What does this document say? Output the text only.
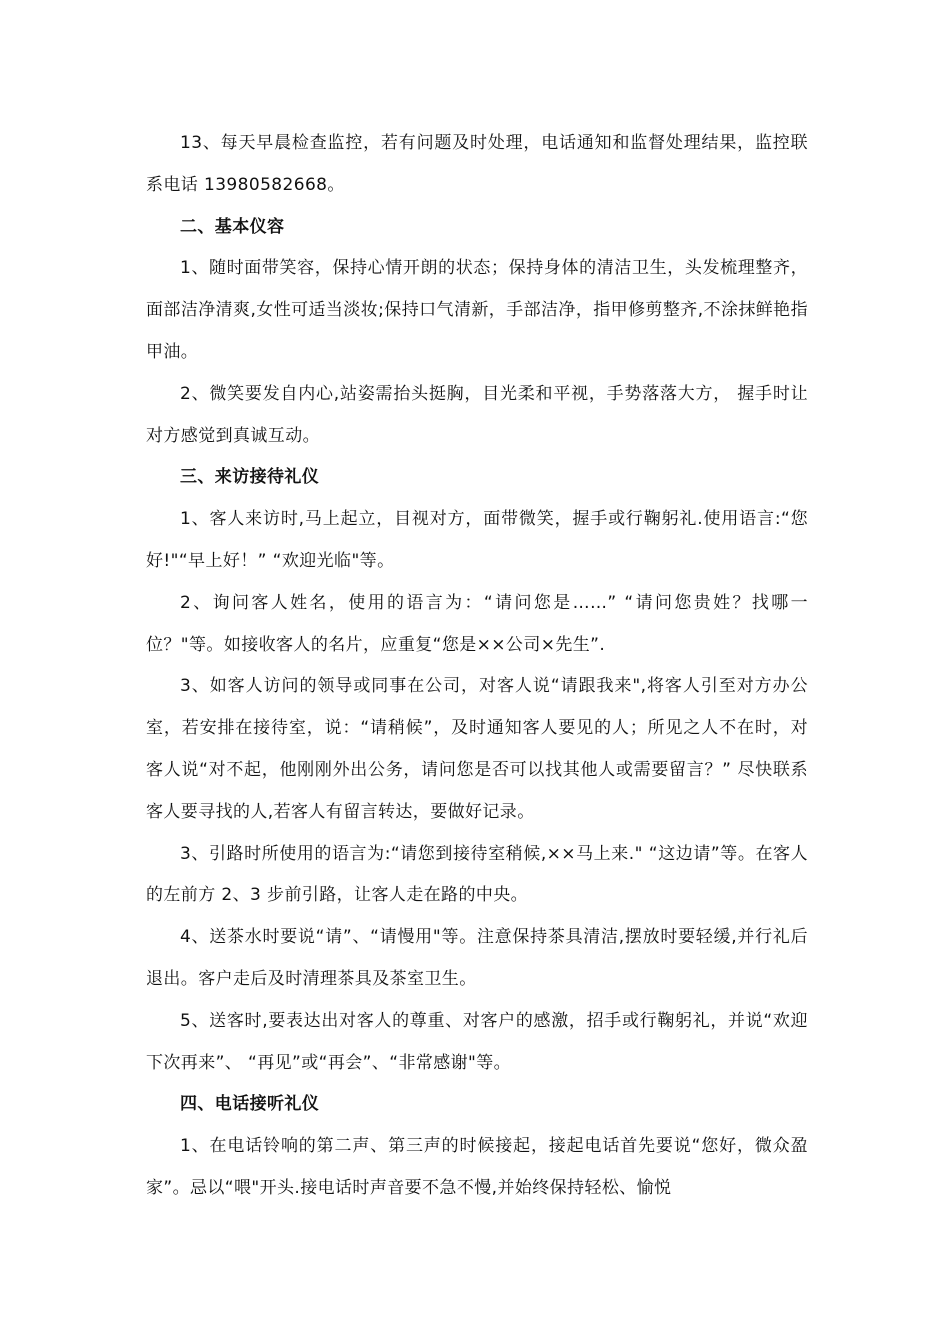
13、每天早晨检查监控，若有问题及时处理，电话通知和监督处理结果，监控联系电话 13980582668。

二、基本仪容

1、随时面带笑容，保持心情开朗的状态；保持身体的清洁卫生，头发梳理整齐，面部洁净清爽,女性可适当淡妆;保持口气清新，手部洁净，指甲修剪整齐,不涂抹鲜艳指甲油。

2、微笑要发自内心,站姿需抬头挺胸，目光柔和平视，手势落落大方， 握手时让对方感觉到真诚互动。

三、来访接待礼仪

1、客人来访时,马上起立，目视对方，面带微笑，握手或行鞠躬礼.使用语言:“您好!"“早上好！” “欢迎光临"等。

2、询问客人姓名，使用的语言为：“请问您是……” “请问您贵姓？找哪一位？"等。如接收客人的名片，应重复“您是××公司×先生”.

3、如客人访问的领导或同事在公司，对客人说“请跟我来",将客人引至对方办公室，若安排在接待室，说：“请稍候”，及时通知客人要见的人；所见之人不在时，对客人说“对不起，他刚刚外出公务，请问您是否可以找其他人或需要留言？” 尽快联系客人要寻找的人,若客人有留言转达，要做好记录。

3、引路时所使用的语言为:“请您到接待室稍候,××马上来." “这边请”等。在客人的左前方 2、3 步前引路，让客人走在路的中央。

4、送茶水时要说“请”、“请慢用"等。注意保持茶具清洁,摆放时要轻缓,并行礼后退出。客户走后及时清理茶具及茶室卫生。

5、送客时,要表达出对客人的尊重、对客户的感激，招手或行鞠躬礼，并说“欢迎下次再来”、 “再见”或“再会”、“非常感谢"等。

四、电话接听礼仪

1、在电话铃响的第二声、第三声的时候接起，接起电话首先要说“您好，微众盈家”。忌以“喂"开头.接电话时声音要不急不慢,并始终保持轻松、愉悦
